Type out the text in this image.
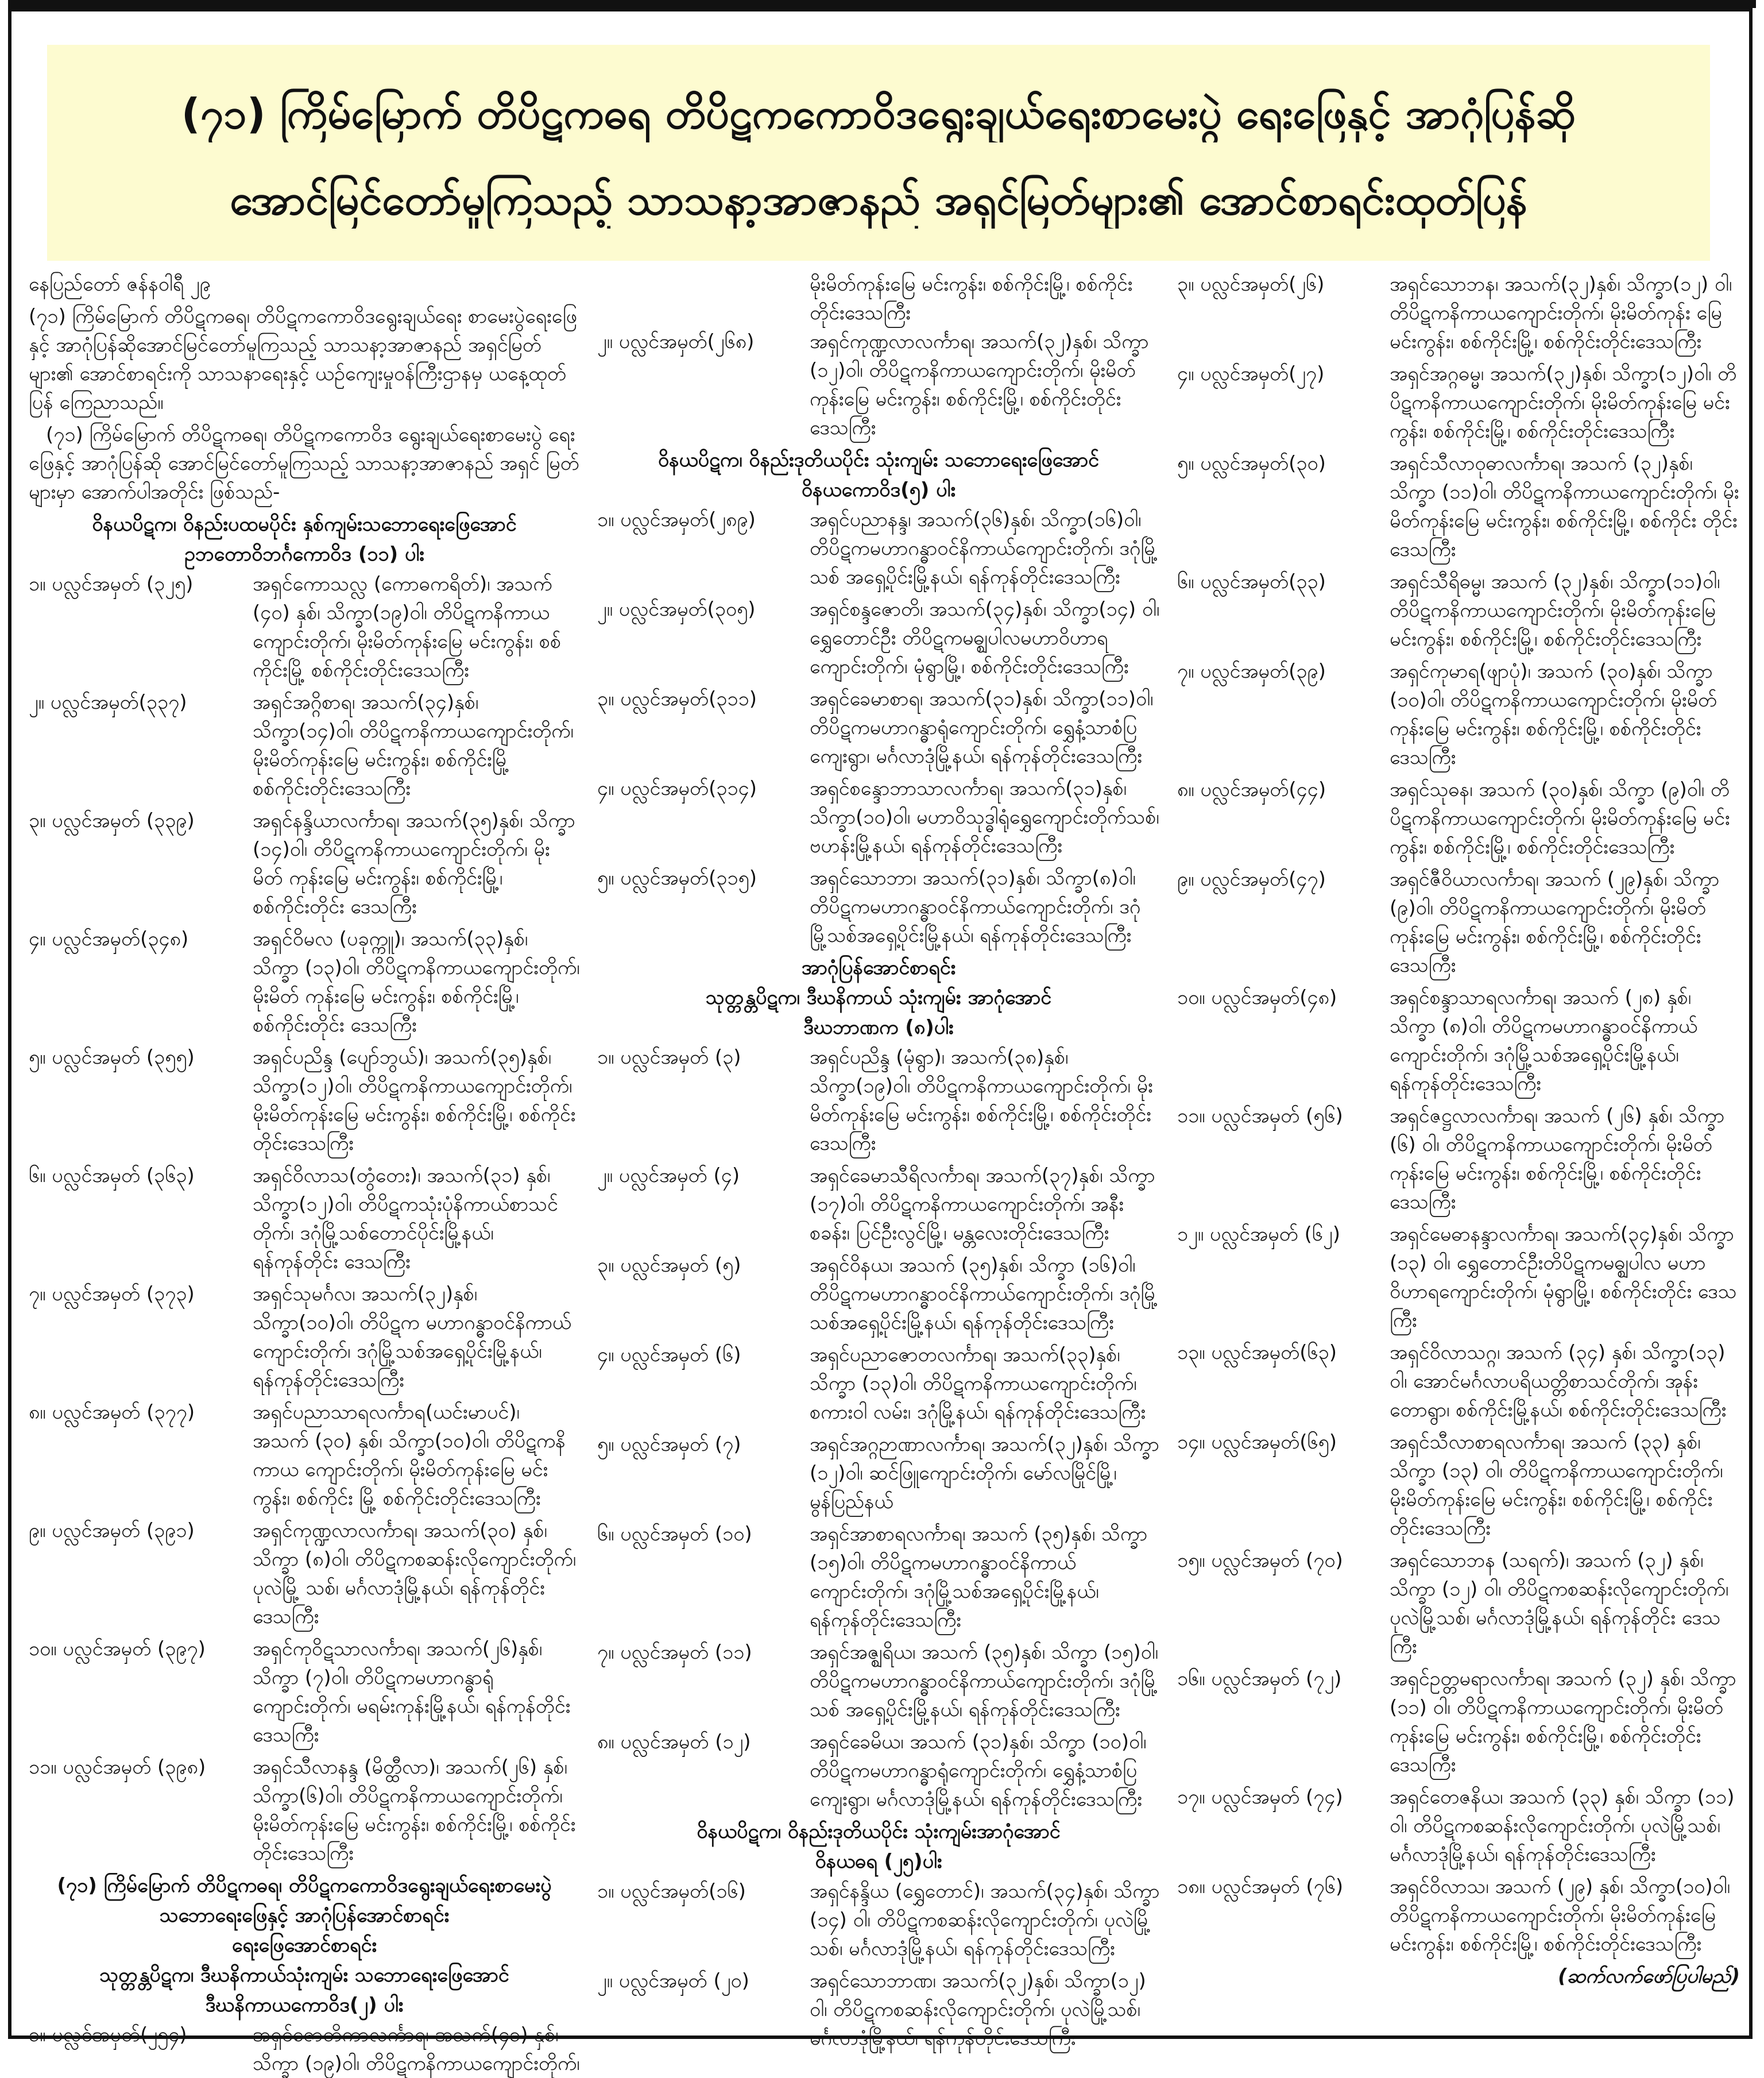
(၇၁) ကြိမ်မြောက် တိပိဋကဓရ တိပိဋကကောဝိဒရွေးချယ်ရေးစာမေးပွဲ ရေးဖြေနှင့် အာဂုံပြန်ဆို
အောင်မြင်တော်မူကြသည့် သာသနာ့အာဇာနည် အရှင်မြတ်များ၏ အောင်စာရင်းထုတ်ပြန်
နေပြည်တော် ဇန်နဝါရီ ၂၉
(၇၁) ကြိမ်မြောက် တိပိဋကဓရ၊ တိပိဋကကောဝိဒရွေးချယ်ရေး စာမေးပွဲရေးဖြေနှင့် အာဂုံပြန်ဆိုအောင်မြင်တော်မူကြသည့် သာသနာ့အာဇာနည် အရှင်မြတ်များ၏ အောင်စာရင်းကို သာသနာရေးနှင့် ယဉ်ကျေးမှုဝန်ကြီးဌာနမှ ယနေ့ထုတ်ပြန် ကြေညာသည်။
(၇၁) ကြိမ်မြောက် တိပိဋကဓရ၊ တိပိဋကကောဝိဒ ရွေးချယ်ရေးစာမေးပွဲ ရေးဖြေနှင့် အာဂုံပြန်ဆို အောင်မြင်တော်မူကြသည့် သာသနာ့အာဇာနည် အရှင် မြတ်များမှာ အောက်ပါအတိုင်း ဖြစ်သည်-
ဝိနယပိဋက၊ ဝိနည်းပထမပိုင်း နှစ်ကျမ်းသဘောရေးဖြေအောင်
ဥဘတောဝိဘင်္ဂကောဝိဒ (၁၁) ပါး
၁။ ပလ္လင်အမှတ် (၃၂၅)	အရှင်ကောသလ္လ (ကောဓကရိတ်)၊ အသက် (၄၀) နှစ်၊ သိက္ခာ(၁၉)ဝါ၊ တိပိဋကနိကာယ ကျောင်းတိုက်၊ မိုးမိတ်ကုန်းမြေ မင်းကွန်း၊ စစ်ကိုင်းမြို့ စစ်ကိုင်းတိုင်းဒေသကြီး
၂။ ပလ္လင်အမှတ်(၃၃၇)	အရှင်အဂ္ဂိစာရ၊ အသက်(၃၄)နှစ်၊ သိက္ခာ(၁၄)ဝါ၊ တိပိဋကနိကာယကျောင်းတိုက်၊ မိုးမိတ်ကုန်းမြေ မင်းကွန်း၊ စစ်ကိုင်းမြို့ စစ်ကိုင်းတိုင်းဒေသကြီး
၃။ ပလ္လင်အမှတ် (၃၃၉)	အရှင်နန္ဒိယာလင်္ကာရ၊ အသက်(၃၅)နှစ်၊ သိက္ခာ (၁၄)ဝါ၊ တိပိဋကနိကာယကျောင်းတိုက်၊ မိုးမိတ် ကုန်းမြေ မင်းကွန်း၊ စစ်ကိုင်းမြို့၊ စစ်ကိုင်းတိုင်း ဒေသကြီး
၄။ ပလ္လင်အမှတ်(၃၄၈)	အရှင်ဝိမလ (ပခုက္ကူ)၊ အသက်(၃၃)နှစ်၊ သိက္ခာ (၁၃)ဝါ၊ တိပိဋကနိကာယကျောင်းတိုက်၊ မိုးမိတ် ကုန်းမြေ မင်းကွန်း၊ စစ်ကိုင်းမြို့၊ စစ်ကိုင်းတိုင်း ဒေသကြီး
၅။ ပလ္လင်အမှတ် (၃၅၅)	အရှင်ပညိန္ဒ (ပျော်ဘွယ်)၊ အသက်(၃၅)နှစ်၊ သိက္ခာ(၁၂)ဝါ၊ တိပိဋကနိကာယကျောင်းတိုက်၊ မိုးမိတ်ကုန်းမြေ မင်းကွန်း၊ စစ်ကိုင်းမြို့၊ စစ်ကိုင်း တိုင်းဒေသကြီး
၆။ ပလ္လင်အမှတ် (၃၆၃)	အရှင်ဝိလာသ(တွံတေး)၊ အသက်(၃၁) နှစ်၊ သိက္ခာ(၁၂)ဝါ၊ တိပိဋကသုံးပုံနိကာယ်စာသင် တိုက်၊ ဒဂုံမြို့သစ်တောင်ပိုင်းမြို့နယ်၊ ရန်ကုန်တိုင်း ဒေသကြီး
၇။ ပလ္လင်အမှတ် (၃၇၃)	အရှင်သုမင်္ဂလ၊ အသက်(၃၂)နှစ်၊ သိက္ခာ(၁၀)ဝါ၊ တိပိဋက မဟာဂန္ဓာဝင်နိကာယ်ကျောင်းတိုက်၊ ဒဂုံမြို့သစ်အရှေ့ပိုင်းမြို့နယ်၊ ရန်ကုန်တိုင်းဒေသကြီး
၈။ ပလ္လင်အမှတ် (၃၇၇)	အရှင်ပညာသာရလင်္ကာရ(ယင်းမာပင်)၊ အသက် (၃၀) နှစ်၊ သိက္ခာ(၁၀)ဝါ၊ တိပိဋကနိကာယ ကျောင်းတိုက်၊ မိုးမိတ်ကုန်းမြေ မင်းကွန်း၊ စစ်ကိုင်း မြို့ စစ်ကိုင်းတိုင်းဒေသကြီး
၉။ ပလ္လင်အမှတ် (၃၉၁)	အရှင်ကုဏ္ဍလာလင်္ကာရ၊ အသက်(၃၀) နှစ်၊ သိက္ခာ (၈)ဝါ၊ တိပိဋကစဆန်းလိုကျောင်းတိုက်၊ ပုလဲမြို့ သစ်၊ မင်္ဂလာဒုံမြို့နယ်၊ ရန်ကုန်တိုင်းဒေသကြီး
၁၀။ ပလ္လင်အမှတ် (၃၉၇)	အရှင်ကုဝိဋသာလင်္ကာရ၊ အသက်(၂၆)နှစ်၊ သိက္ခာ (၇)ဝါ၊ တိပိဋကမဟာဂန္ဓာရုံကျောင်းတိုက်၊ မရမ်းကုန်းမြို့နယ်၊ ရန်ကုန်တိုင်းဒေသကြီး
၁၁။ ပလ္လင်အမှတ် (၃၉၈)	အရှင်သီလာနန္ဒ (မိတ္ထီလာ)၊ အသက်(၂၆) နှစ်၊ သိက္ခာ(၆)ဝါ၊ တိပိဋကနိကာယကျောင်းတိုက်၊ မိုးမိတ်ကုန်းမြေ မင်းကွန်း၊ စစ်ကိုင်းမြို့၊ စစ်ကိုင်း တိုင်းဒေသကြီး
(၇၁) ကြိမ်မြောက် တိပိဋကဓရ၊ တိပိဋကကောဝိဒရွေးချယ်ရေးစာမေးပွဲ
သဘောရေးဖြေနှင့် အာဂုံပြန်အောင်စာရင်း
ရေးဖြေအောင်စာရင်း
သုတ္တန္တပိဋက၊ ဒီဃနိကာယ်သုံးကျမ်း သဘောရေးဖြေအောင်
ဒီဃနိကာယကောဝိဒ(၂) ပါး
၁။ ပလ္လင်အမှတ်(၂၅၄)	အရှင်ဇောတိကာလင်္ကာရ၊ အသက်(၄၁) နှစ်၊ သိက္ခာ (၁၉)ဝါ၊ တိပိဋကနိကာယကျောင်းတိုက်၊
မိုးမိတ်ကုန်းမြေ မင်းကွန်း၊ စစ်ကိုင်းမြို့၊ စစ်ကိုင်း တိုင်းဒေသကြီး
၂။ ပလ္လင်အမှတ်(၂၆၈)	အရှင်ကုဏ္ဍလာလင်္ကာရ၊ အသက်(၃၂)နှစ်၊ သိက္ခာ (၁၂)ဝါ၊ တိပိဋကနိကာယကျောင်းတိုက်၊ မိုးမိတ် ကုန်းမြေ မင်းကွန်း၊ စစ်ကိုင်းမြို့၊ စစ်ကိုင်းတိုင်း ဒေသကြီး
ဝိနယပိဋက၊ ဝိနည်းဒုတိယပိုင်း သုံးကျမ်း သဘောရေးဖြေအောင်
ဝိနယကောဝိဒ(၅) ပါး
၁။ ပလ္လင်အမှတ်(၂၈၉)	အရှင်ပညာနန္ဒ၊ အသက်(၃၆)နှစ်၊ သိက္ခာ(၁၆)ဝါ၊ တိပိဋကမဟာဂန္ဓာဝင်နိကာယ်ကျောင်းတိုက်၊ ဒဂုံမြို့ သစ် အရှေ့ပိုင်းမြို့နယ်၊ ရန်ကုန်တိုင်းဒေသကြီး
၂။ ပလ္လင်အမှတ်(၃၀၅)	အရှင်စန္ဒဇောတိ၊ အသက်(၃၄)နှစ်၊ သိက္ခာ(၁၄) ဝါ၊ ရွှေတောင်ဦး တိပိဋကမဓ္ဈပါလမဟာဝိဟာရ ကျောင်းတိုက်၊ မုံရွာမြို့၊ စစ်ကိုင်းတိုင်းဒေသကြီး
၃။ ပလ္လင်အမှတ်(၃၁၁)	အရှင်ခေမာစာရ၊ အသက်(၃၁)နှစ်၊ သိက္ခာ(၁၁)ဝါ၊ တိပိဋကမဟာဂန္ဓာရုံကျောင်းတိုက်၊ ရွှေနံ့သာစံပြ ကျေးရွာ၊ မင်္ဂလာဒုံမြို့နယ်၊ ရန်ကုန်တိုင်းဒေသကြီး
၄။ ပလ္လင်အမှတ်(၃၁၄)	အရှင်စန္ဒောဘာသာလင်္ကာရ၊ အသက်(၃၁)နှစ်၊ သိက္ခာ(၁၀)ဝါ၊ မဟာဝိသုဒ္ဓါရုံရွှေကျောင်းတိုက်သစ်၊ ဗဟန်းမြို့နယ်၊ ရန်ကုန်တိုင်းဒေသကြီး
၅။ ပလ္လင်အမှတ်(၃၁၅)	အရှင်သောဘာ၊ အသက်(၃၁)နှစ်၊ သိက္ခာ(၈)ဝါ၊ တိပိဋကမဟာဂန္ဓာဝင်နိကာယ်ကျောင်းတိုက်၊ ဒဂုံ မြို့သစ်အရှေ့ပိုင်းမြို့နယ်၊ ရန်ကုန်တိုင်းဒေသကြီး
အာဂုံပြန်အောင်စာရင်း
သုတ္တန္တပိဋက၊ ဒီဃနိကာယ် သုံးကျမ်း အာဂုံအောင်
ဒီဃဘာဏက (၈)ပါး
၁။ ပလ္လင်အမှတ် (၃)	အရှင်ပညိန္ဒ (မုံရွာ)၊ အသက်(၃၈)နှစ်၊ သိက္ခာ(၁၉)ဝါ၊ တိပိဋကနိကာယကျောင်းတိုက်၊ မိုးမိတ်ကုန်းမြေ မင်းကွန်း၊ စစ်ကိုင်းမြို့၊ စစ်ကိုင်းတိုင်းဒေသကြီး
၂။ ပလ္လင်အမှတ် (၄)	အရှင်ခေမာသီရိလင်္ကာရ၊ အသက်(၃၇)နှစ်၊ သိက္ခာ (၁၇)ဝါ၊ တိပိဋကနိကာယကျောင်းတိုက်၊ အနီးစခန်း၊ ပြင်ဦးလွင်မြို့၊ မန္တလေးတိုင်းဒေသကြီး
၃။ ပလ္လင်အမှတ် (၅)	အရှင်ဝိနယ၊ အသက် (၃၅)နှစ်၊ သိက္ခာ (၁၆)ဝါ၊ တိပိဋကမဟာဂန္ဓာဝင်နိကာယ်ကျောင်းတိုက်၊ ဒဂုံမြို့သစ်အရှေ့ပိုင်းမြို့နယ်၊ ရန်ကုန်တိုင်းဒေသကြီး
၄။ ပလ္လင်အမှတ် (၆)	အရှင်ပညာဇောတလင်္ကာရ၊ အသက်(၃၃)နှစ်၊ သိက္ခာ (၁၃)ဝါ၊ တိပိဋကနိကာယကျောင်းတိုက်၊ စကားဝါ လမ်း၊ ဒဂုံမြို့နယ်၊ ရန်ကုန်တိုင်းဒေသကြီး
၅။ ပလ္လင်အမှတ် (၇)	အရှင်အဂ္ဂဉာဏာလင်္ကာရ၊ အသက်(၃၂)နှစ်၊ သိက္ခာ (၁၂)ဝါ၊ ဆင်ဖြူကျောင်းတိုက်၊ မော်လမြိုင်မြို့၊ မွန်ပြည်နယ်
၆။ ပလ္လင်အမှတ် (၁၀)	အရှင်အာစာရလင်္ကာရ၊ အသက် (၃၅)နှစ်၊ သိက္ခာ (၁၅)ဝါ၊ တိပိဋကမဟာဂန္ဓာဝင်နိကာယ် ကျောင်းတိုက်၊ ဒဂုံမြို့သစ်အရှေ့ပိုင်းမြို့နယ်၊ ရန်ကုန်တိုင်းဒေသကြီး
၇။ ပလ္လင်အမှတ် (၁၁)	အရှင်အဇ္ဈရိယ၊ အသက် (၃၅)နှစ်၊ သိက္ခာ (၁၅)ဝါ၊ တိပိဋကမဟာဂန္ဓာဝင်နိကာယ်ကျောင်းတိုက်၊ ဒဂုံမြို့ သစ် အရှေ့ပိုင်းမြို့နယ်၊ ရန်ကုန်တိုင်းဒေသကြီး
၈။ ပလ္လင်အမှတ် (၁၂)	အရှင်ခေမိယ၊ အသက် (၃၁)နှစ်၊ သိက္ခာ (၁၀)ဝါ၊ တိပိဋကမဟာဂန္ဓာရုံကျောင်းတိုက်၊ ရွှေနံ့သာစံပြ ကျေးရွာ၊ မင်္ဂလာဒုံမြို့နယ်၊ ရန်ကုန်တိုင်းဒေသကြီး
ဝိနယပိဋက၊ ဝိနည်းဒုတိယပိုင်း သုံးကျမ်းအာဂုံအောင်
ဝိနယဓရ (၂၅)ပါး
၁။ ပလ္လင်အမှတ်(၁၆)	အရှင်နန္ဒိယ (ရွှေတောင်)၊ အသက်(၃၄)နှစ်၊ သိက္ခာ (၁၄) ဝါ၊ တိပိဋကစဆန်းလိုကျောင်းတိုက်၊ ပုလဲမြို့ သစ်၊ မင်္ဂလာဒုံမြို့နယ်၊ ရန်ကုန်တိုင်းဒေသကြီး
၂။ ပလ္လင်အမှတ် (၂၀)	အရှင်သောဘာဏ၊ အသက်(၃၂)နှစ်၊ သိက္ခာ(၁၂) ဝါ၊ တိပိဋကစဆန်းလိုကျောင်းတိုက်၊ ပုလဲမြို့သစ်၊ မင်္ဂလာဒုံမြို့နယ်၊ ရန်ကုန်တိုင်းဒေသကြီး
၃။ ပလ္လင်အမှတ်(၂၆)	အရှင်သောဘန၊ အသက်(၃၂)နှစ်၊ သိက္ခာ(၁၂) ဝါ၊ တိပိဋကနိကာယကျောင်းတိုက်၊ မိုးမိတ်ကုန်း မြေ မင်းကွန်း၊ စစ်ကိုင်းမြို့၊ စစ်ကိုင်းတိုင်းဒေသကြီး
၄။ ပလ္လင်အမှတ်(၂၇)	အရှင်အဂ္ဂဓမ္မ၊ အသက်(၃၂)နှစ်၊ သိက္ခာ(၁၂)ဝါ၊ တိပိဋကနိကာယကျောင်းတိုက်၊ မိုးမိတ်ကုန်းမြေ မင်းကွန်း၊ စစ်ကိုင်းမြို့၊ စစ်ကိုင်းတိုင်းဒေသကြီး
၅။ ပလ္လင်အမှတ်(၃၀)	အရှင်သီလာဝုဓာလင်္ကာရ၊ အသက် (၃၂)နှစ်၊ သိက္ခာ (၁၁)ဝါ၊ တိပိဋကနိကာယကျောင်းတိုက်၊ မိုးမိတ်ကုန်းမြေ မင်းကွန်း၊ စစ်ကိုင်းမြို့၊ စစ်ကိုင်း တိုင်းဒေသကြီး
၆။ ပလ္လင်အမှတ်(၃၃)	အရှင်သီရိဓမ္မ၊ အသက် (၃၂)နှစ်၊ သိက္ခာ(၁၁)ဝါ၊ တိပိဋကနိကာယကျောင်းတိုက်၊ မိုးမိတ်ကုန်းမြေ မင်းကွန်း၊ စစ်ကိုင်းမြို့၊ စစ်ကိုင်းတိုင်းဒေသကြီး
၇။ ပလ္လင်အမှတ်(၃၉)	အရှင်ကုမာရ(ဖျာပုံ)၊ အသက် (၃၀)နှစ်၊ သိက္ခာ (၁၀)ဝါ၊ တိပိဋကနိကာယကျောင်းတိုက်၊ မိုးမိတ် ကုန်းမြေ မင်းကွန်း၊ စစ်ကိုင်းမြို့၊ စစ်ကိုင်းတိုင်း ဒေသကြီး
၈။ ပလ္လင်အမှတ်(၄၄)	အရှင်သုဓန၊ အသက် (၃၀)နှစ်၊ သိက္ခာ (၉)ဝါ၊ တိပိဋကနိကာယကျောင်းတိုက်၊ မိုးမိတ်ကုန်းမြေ မင်းကွန်း၊ စစ်ကိုင်းမြို့၊ စစ်ကိုင်းတိုင်းဒေသကြီး
၉။ ပလ္လင်အမှတ်(၄၇)	အရှင်ဇီဝိယာလင်္ကာရ၊ အသက် (၂၉)နှစ်၊ သိက္ခာ (၉)ဝါ၊ တိပိဋကနိကာယကျောင်းတိုက်၊ မိုးမိတ် ကုန်းမြေ မင်းကွန်း၊ စစ်ကိုင်းမြို့၊ စစ်ကိုင်းတိုင်း ဒေသကြီး
၁၀။ ပလ္လင်အမှတ်(၄၈)	အရှင်စန္ဒာသာရလင်္ကာရ၊ အသက် (၂၈) နှစ်၊ သိက္ခာ (၈)ဝါ၊ တိပိဋကမဟာဂန္ဓာဝင်နိကာယ် ကျောင်းတိုက်၊ ဒဂုံမြို့သစ်အရှေ့ပိုင်းမြို့နယ်၊ ရန်ကုန်တိုင်းဒေသကြီး
၁၁။ ပလ္လင်အမှတ် (၅၆)	အရှင်ဇဋ္ဌလာလင်္ကာရ၊ အသက် (၂၆) နှစ်၊ သိက္ခာ (၆) ဝါ၊ တိပိဋကနိကာယကျောင်းတိုက်၊ မိုးမိတ် ကုန်းမြေ မင်းကွန်း၊ စစ်ကိုင်းမြို့၊ စစ်ကိုင်းတိုင်း ဒေသကြီး
၁၂။ ပလ္လင်အမှတ် (၆၂)	အရှင်မေဓာနန္ဒာလင်္ကာရ၊ အသက်(၃၄)နှစ်၊ သိက္ခာ (၁၃) ဝါ၊ ရွှေတောင်ဦးတိပိဋကမဓ္ဈပါလ မဟာ ဝိဟာရကျောင်းတိုက်၊ မုံရွာမြို့၊ စစ်ကိုင်းတိုင်း ဒေသကြီး
၁၃။ ပလ္လင်အမှတ်(၆၃)	အရှင်ဝိလာသဂ္ဂ၊ အသက် (၃၄) နှစ်၊ သိက္ခာ(၁၃) ဝါ၊ အောင်မင်္ဂလာပရိယတ္တိစာသင်တိုက်၊ အုန်း တောရွာ၊ စစ်ကိုင်းမြို့နယ်၊ စစ်ကိုင်းတိုင်းဒေသကြီး
၁၄။ ပလ္လင်အမှတ်(၆၅)	အရှင်သီလာစာရလင်္ကာရ၊ အသက် (၃၃) နှစ်၊ သိက္ခာ (၁၃) ဝါ၊ တိပိဋကနိကာယကျောင်းတိုက်၊ မိုးမိတ်ကုန်းမြေ မင်းကွန်း၊ စစ်ကိုင်းမြို့၊ စစ်ကိုင်း တိုင်းဒေသကြီး
၁၅။ ပလ္လင်အမှတ် (၇၀)	အရှင်သောဘန (သရက်)၊ အသက် (၃၂) နှစ်၊ သိက္ခာ (၁၂) ဝါ၊ တိပိဋကစဆန်းလိုကျောင်းတိုက်၊ ပုလဲမြို့သစ်၊ မင်္ဂလာဒုံမြို့နယ်၊ ရန်ကုန်တိုင်း ဒေသကြီး
၁၆။ ပလ္လင်အမှတ် (၇၂)	အရှင်ဥတ္တမရာလင်္ကာရ၊ အသက် (၃၂) နှစ်၊ သိက္ခာ (၁၁) ဝါ၊ တိပိဋကနိကာယကျောင်းတိုက်၊ မိုးမိတ် ကုန်းမြေ မင်းကွန်း၊ စစ်ကိုင်းမြို့၊ စစ်ကိုင်းတိုင်း ဒေသကြီး
၁၇။ ပလ္လင်အမှတ် (၇၄)	အရှင်တေဇနိယ၊ အသက် (၃၃) နှစ်၊ သိက္ခာ (၁၁) ဝါ၊ တိပိဋကစဆန်းလိုကျောင်းတိုက်၊ ပုလဲမြို့သစ်၊ မင်္ဂလာဒုံမြို့နယ်၊ ရန်ကုန်တိုင်းဒေသကြီး
၁၈။ ပလ္လင်အမှတ် (၇၆)	အရှင်ဝိလာသ၊ အသက် (၂၉) နှစ်၊ သိက္ခာ(၁၀)ဝါ၊ တိပိဋကနိကာယကျောင်းတိုက်၊ မိုးမိတ်ကုန်းမြေ မင်းကွန်း၊ စစ်ကိုင်းမြို့၊ စစ်ကိုင်းတိုင်းဒေသကြီး
(ဆက်လက်ဖော်ပြပါမည်)
